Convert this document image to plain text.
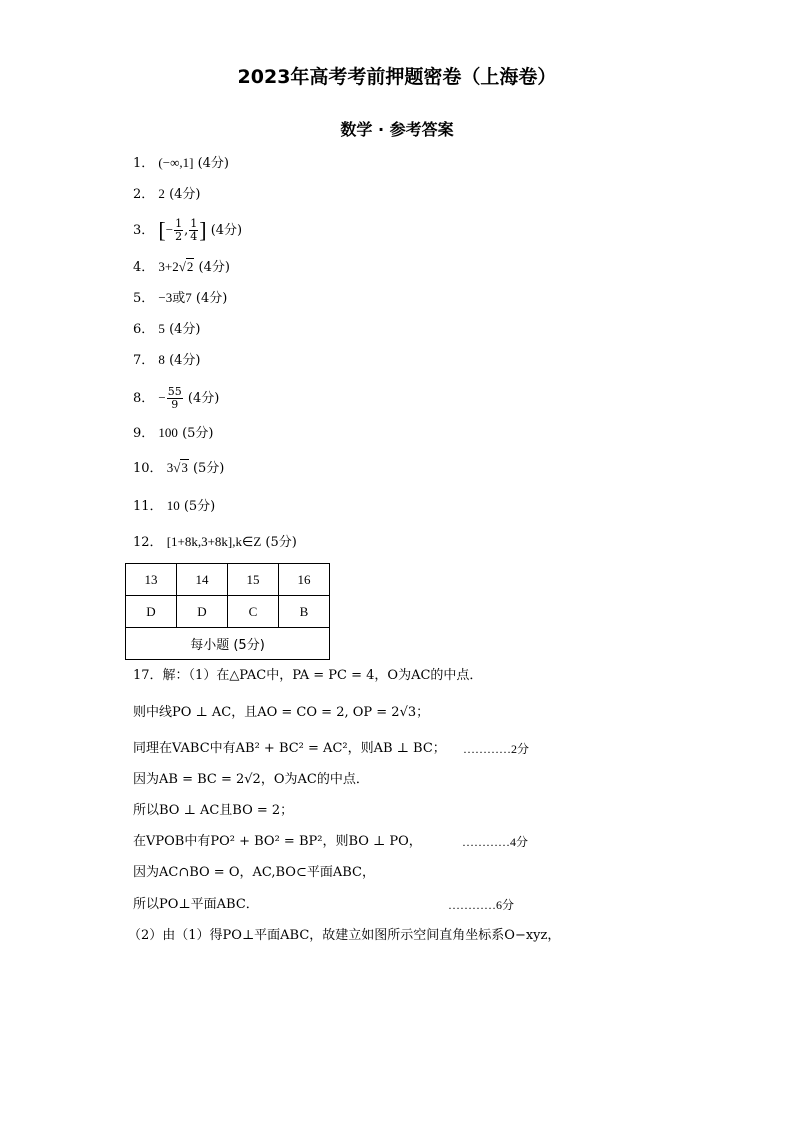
2023年高考考前押题密卷（上海卷）
数学 · 参考答案
1． (−∞,1] (4分)
2． 2 (4分)
3． [− $\frac{1}{2}$ , $\frac{1}{4}$ ] (4分)
4． 3+2√2 (4分)
5． −3或7 (4分)
6． 5 (4分)
7． 8 (4分)
8． − $\frac{55}{9} (4$分)
9． 100 (5分)
10． 3√3 (5分)
11． 10 (5分)
12． [1+8k,3+8k],k∈Z (5分)
13	14	15	16
D	D	C	B
每小题 (5分)			
17．解：（1）在△PAC中，PA = PC = 4，O为AC的中点．
则中线PO ⊥ AC，且AO = CO = 2, OP = 2√3；
同理在VABC中有AB² + BC² = AC²，则AB ⊥ BC； …………2分
因为AB = BC = 2√2，O为AC的中点．
所以BO ⊥ AC且BO = 2；
在VPOB中有PO² + BO² = BP²，则BO ⊥ PO，	…………4分
因为AC∩BO = O，AC,BO⊂平面ABC，
所以PO⊥平面ABC．	…………6分
（2）由（1）得PO⊥平面ABC，故建立如图所示空间直角坐标系O−xyz，
